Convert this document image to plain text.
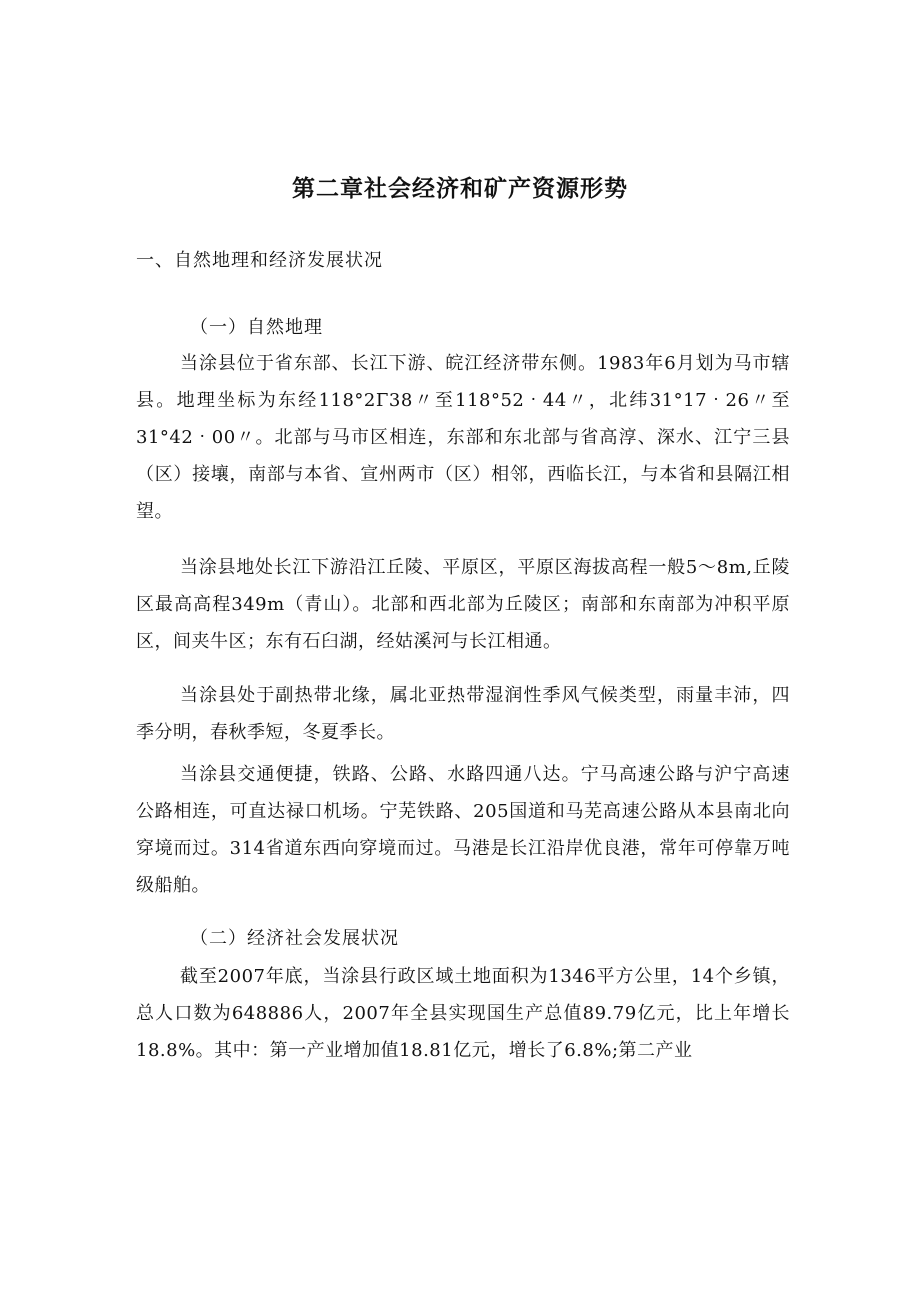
第二章社会经济和矿产资源形势
一、自然地理和经济发展状况
（一）自然地理

当涂县位于省东部、长江下游、皖江经济带东侧。1983年6月划为马市辖县。地理坐标为东经118°2Γ38〃至118°52‧44〃，北纬31°17‧26〃至31°42‧00〃。北部与马市区相连，东部和东北部与省高淳、深水、江宁三县（区）接壤，南部与本省、宣州两市（区）相邻，西临长江，与本省和县隔江相望。

当涂县地处长江下游沿江丘陵、平原区，平原区海拔高程一般5～8m,丘陵区最高高程349m（青山）。北部和西北部为丘陵区；南部和东南部为冲积平原区，间夹牛区；东有石臼湖，经姑溪河与长江相通。

当涂县处于副热带北缘，属北亚热带湿润性季风气候类型，雨量丰沛，四季分明，春秋季短，冬夏季长。

当涂县交通便捷，铁路、公路、水路四通八达。宁马高速公路与沪宁高速公路相连，可直达禄口机场。宁芜铁路、205国道和马芜高速公路从本县南北向穿境而过。314省道东西向穿境而过。马港是长江沿岸优良港，常年可停靠万吨级船舶。

（二）经济社会发展状况

截至2007年底，当涂县行政区域土地面积为1346平方公里，14个乡镇，总人口数为648886人，2007年全县实现国生产总值89.79亿元，比上年增长18.8%。其中：第一产业增加值18.81亿元，增长了6.8%;第二产业
